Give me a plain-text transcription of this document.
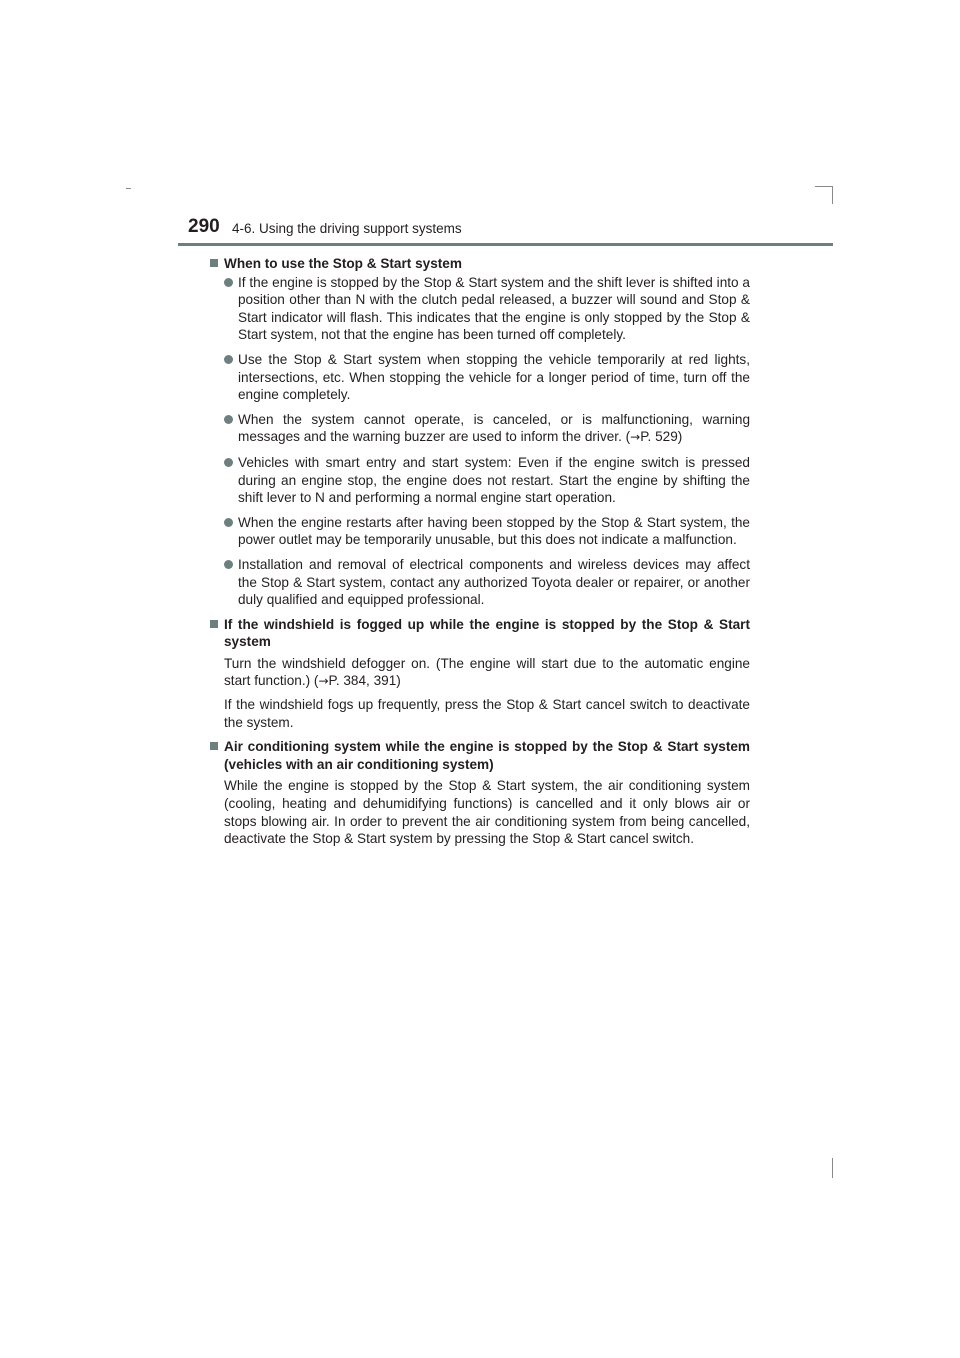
290 4-6. Using the driving support systems
When to use the Stop & Start system
If the engine is stopped by the Stop & Start system and the shift lever is shifted into a position other than N with the clutch pedal released, a buzzer will sound and Stop & Start indicator will flash. This indicates that the engine is only stopped by the Stop & Start system, not that the engine has been turned off completely.
Use the Stop & Start system when stopping the vehicle temporarily at red lights, intersections, etc. When stopping the vehicle for a longer period of time, turn off the engine completely.
When the system cannot operate, is canceled, or is malfunctioning, warning messages and the warning buzzer are used to inform the driver. (→P. 529)
Vehicles with smart entry and start system: Even if the engine switch is pressed during an engine stop, the engine does not restart. Start the engine by shifting the shift lever to N and performing a normal engine start operation.
When the engine restarts after having been stopped by the Stop & Start system, the power outlet may be temporarily unusable, but this does not indicate a malfunction.
Installation and removal of electrical components and wireless devices may affect the Stop & Start system, contact any authorized Toyota dealer or repairer, or another duly qualified and equipped professional.
If the windshield is fogged up while the engine is stopped by the Stop & Start system
Turn the windshield defogger on. (The engine will start due to the automatic engine start function.) (→P. 384, 391)
If the windshield fogs up frequently, press the Stop & Start cancel switch to deactivate the system.
Air conditioning system while the engine is stopped by the Stop & Start system (vehicles with an air conditioning system)
While the engine is stopped by the Stop & Start system, the air conditioning system (cooling, heating and dehumidifying functions) is cancelled and it only blows air or stops blowing air. In order to prevent the air conditioning system from being cancelled, deactivate the Stop & Start system by pressing the Stop & Start cancel switch.
